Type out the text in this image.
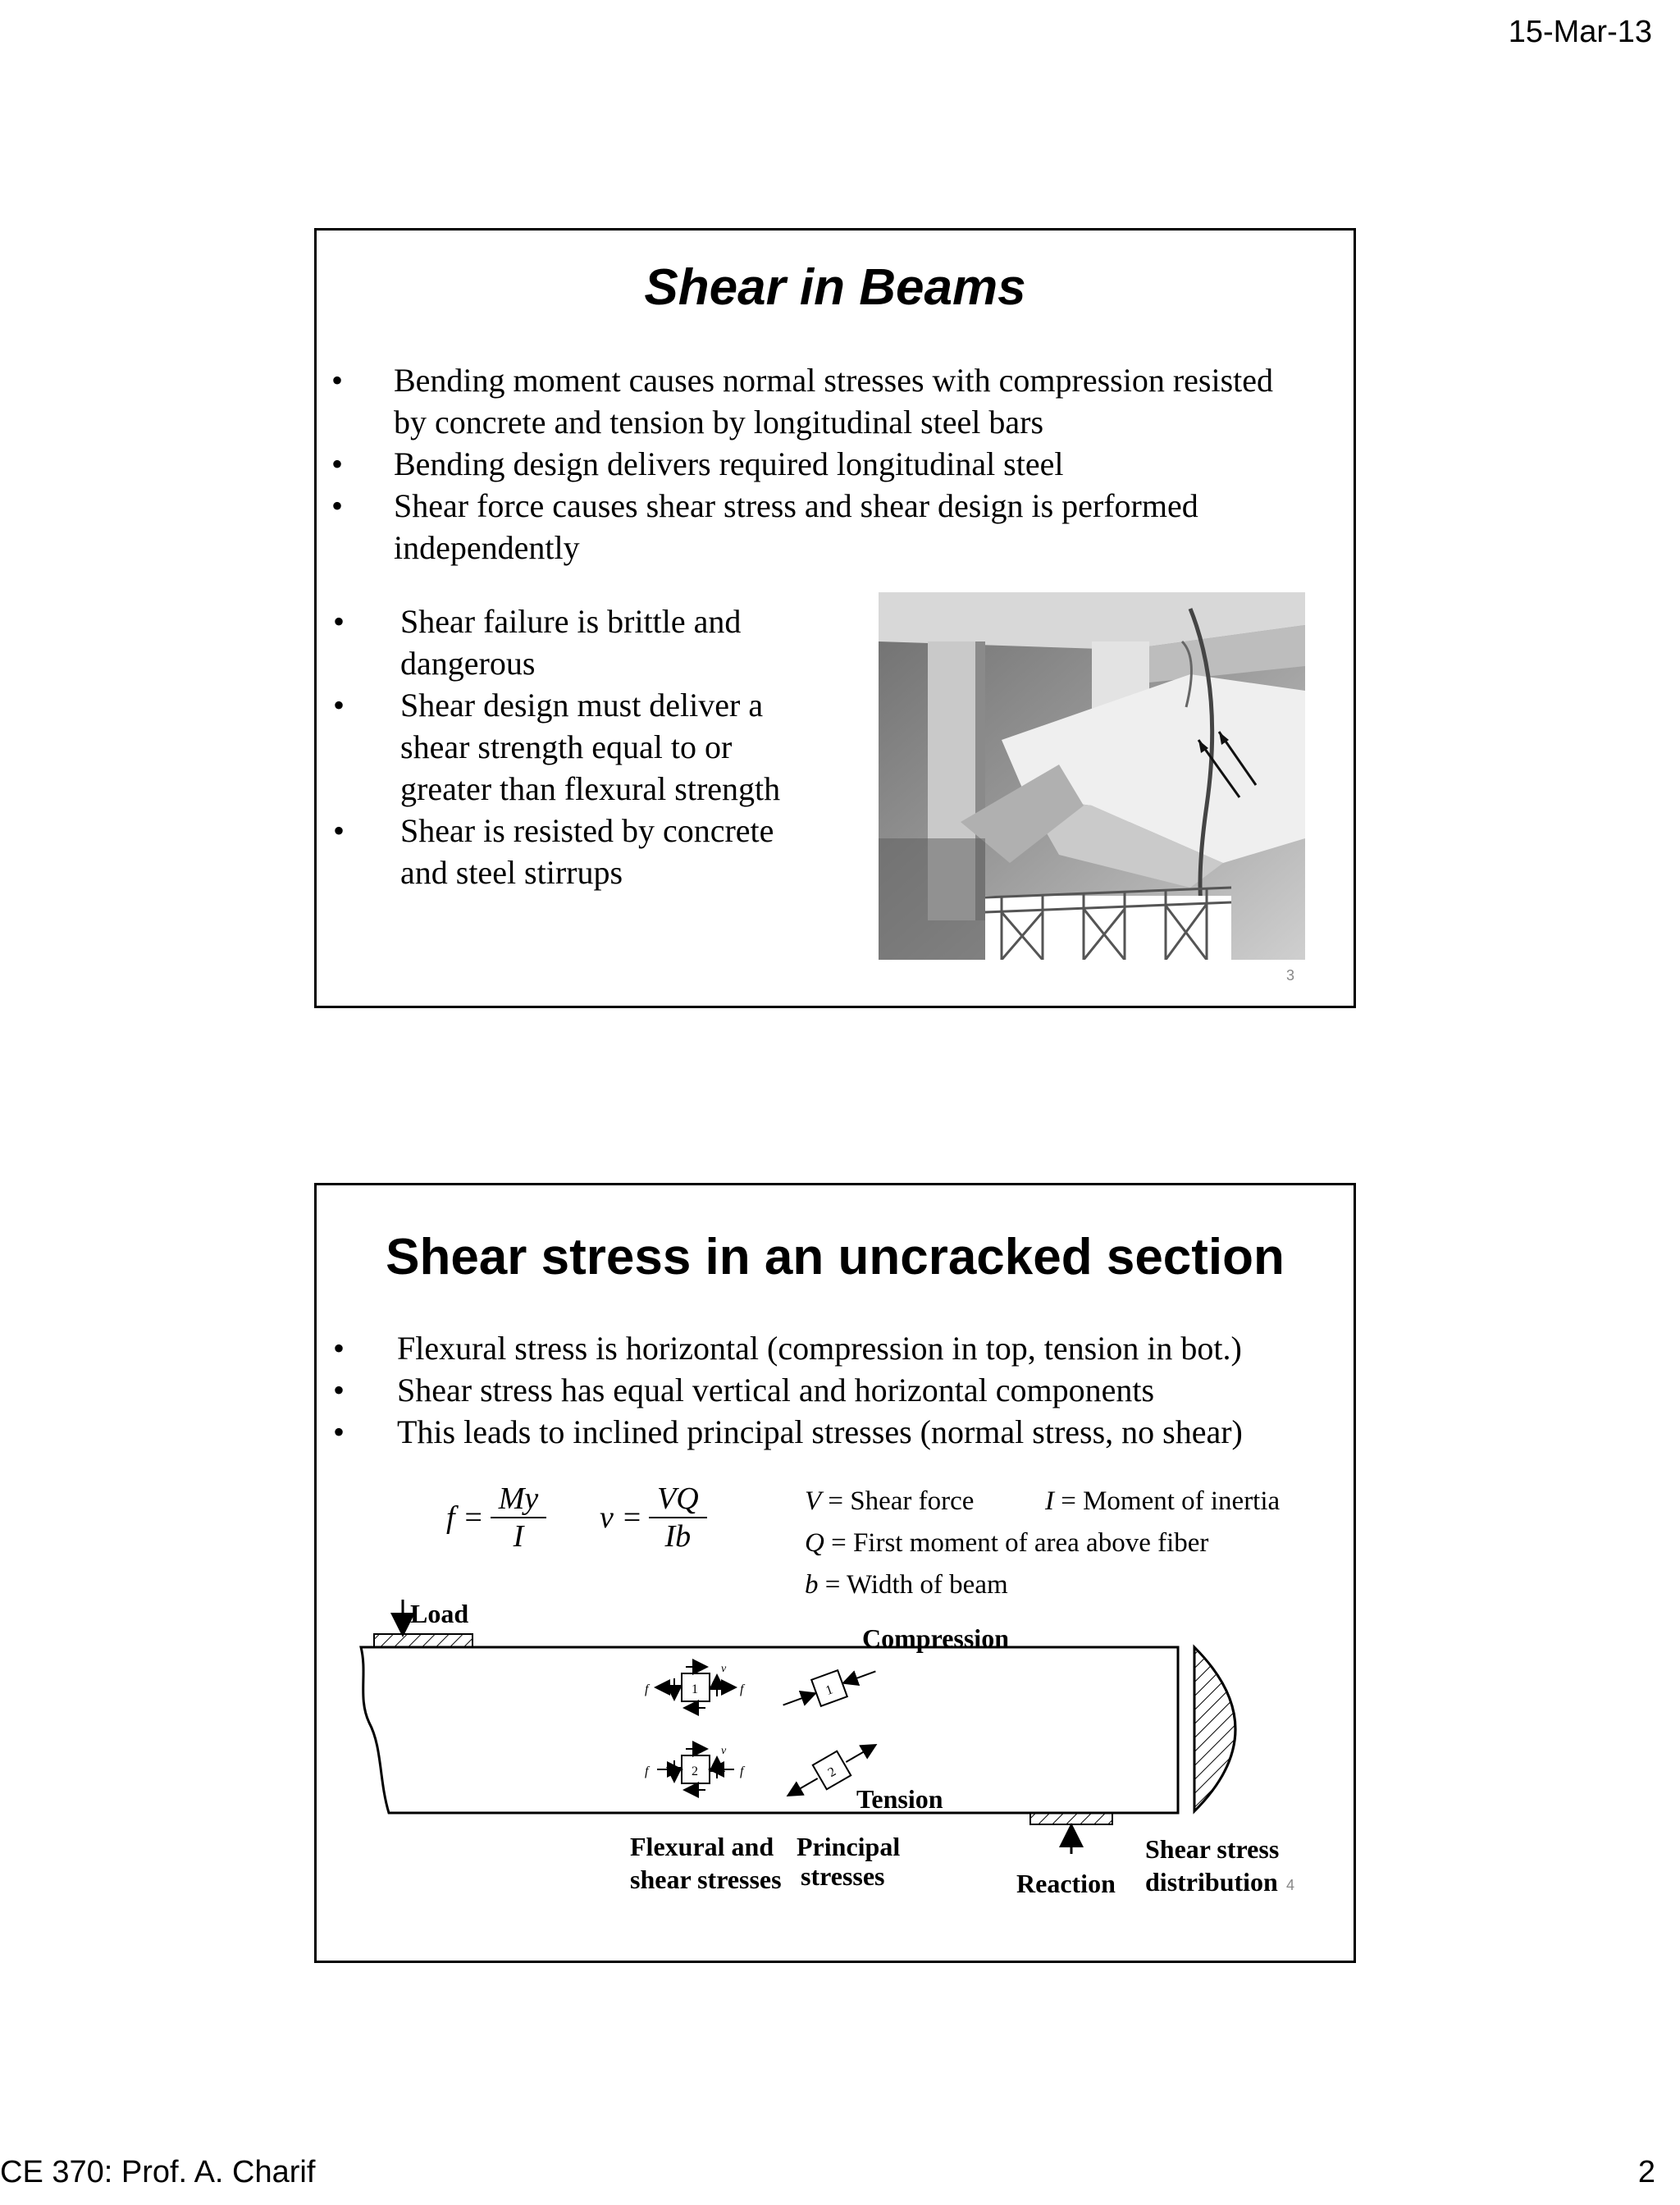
15-Mar-13
Shear in Beams
• Bending moment causes normal stresses with compression resisted by concrete and tension by longitudinal steel bars
• Bending design delivers required longitudinal steel
• Shear force causes shear stress and shear design is performed independently
• Shear failure is brittle and dangerous
• Shear design must deliver a shear strength equal to or greater than flexural strength
• Shear is resisted by concrete and steel stirrups
3
Shear stress in an uncracked section
• Flexural stress is horizontal (compression in top, tension in bot.)
• Shear stress has equal vertical and horizontal components
• This leads to inclined principal stresses (normal stress, no shear)
$f = \frac{My}{I}$ $v = \frac{VQ}{Ib}$	V = Shear force	I = Moment of inertia
Q = First moment of area above fiber
b = Width of beam
Load
1
f	f
v
2
f	f
v
1
Compression
2
Tension
Flexural and
shear stresses
Principal
stresses	Reaction
Shear stress
distribution 4
CE 370: Prof. A. Charif	2
